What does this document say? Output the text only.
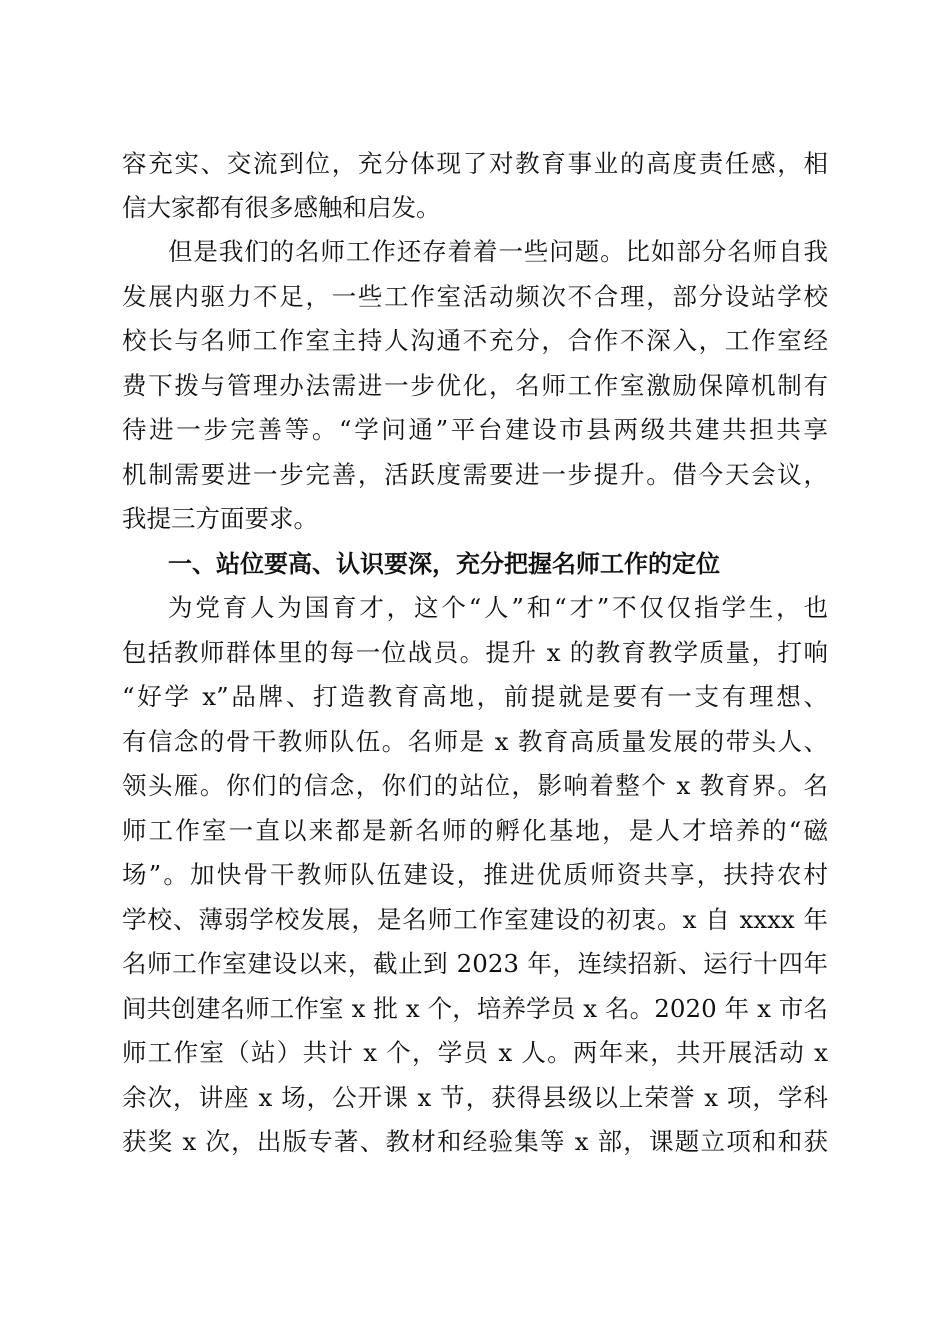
容充实、交流到位，充分体现了对教育事业的高度责任感，相
信大家都有很多感触和启发。
但是我们的名师工作还存着着一些问题。比如部分名师自我
发展内驱力不足，一些工作室活动频次不合理，部分设站学校
校长与名师工作室主持人沟通不充分，合作不深入，工作室经
费下拨与管理办法需进一步优化，名师工作室激励保障机制有
待进一步完善等。“学问通”平台建设市县两级共建共担共享
机制需要进一步完善，活跃度需要进一步提升。借今天会议，
我提三方面要求。
一、站位要高、认识要深，充分把握名师工作的定位
为党育人为国育才，这个“人”和“才”不仅仅指学生，也
包括教师群体里的每一位战员。提升 x 的教育教学质量，打响
“好学 x”品牌、打造教育高地，前提就是要有一支有理想、
有信念的骨干教师队伍。名师是 x 教育高质量发展的带头人、
领头雁。你们的信念，你们的站位，影响着整个 x 教育界。名
师工作室一直以来都是新名师的孵化基地，是人才培养的“磁
场”。加快骨干教师队伍建设，推进优质师资共享，扶持农村
学校、薄弱学校发展，是名师工作室建设的初衷。x 自 xxxx 年
名师工作室建设以来，截止到 2023 年，连续招新、运行十四年
间共创建名师工作室 x 批 x 个，培养学员 x 名。2020 年 x 市名
师工作室（站）共计 x 个，学员 x 人。两年来，共开展活动 x
余次，讲座 x 场，公开课 x 节，获得县级以上荣誉 x 项，学科
获奖 x 次，出版专著、教材和经验集等 x 部，课题立项和和获
